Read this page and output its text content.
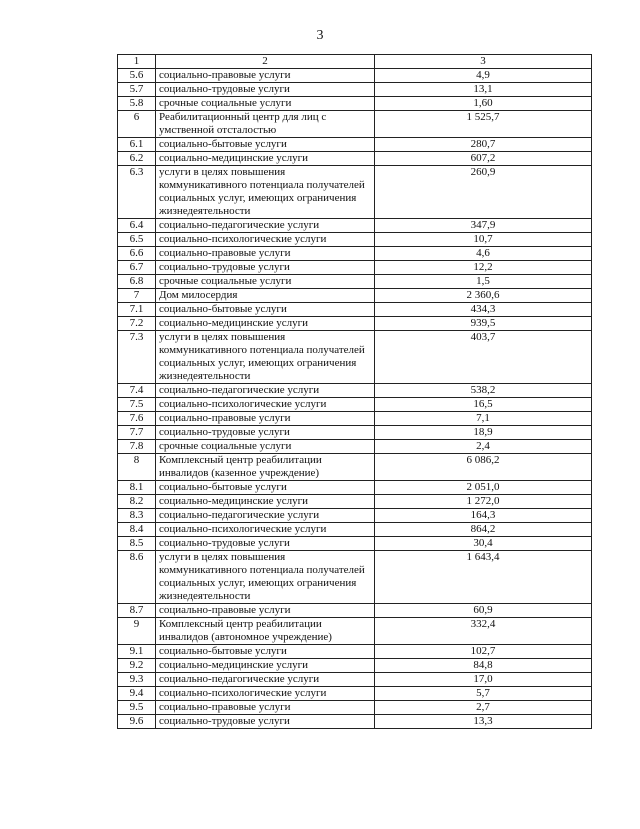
3
1	2	3
5.6	социально-правовые услуги	4,9
5.7	социально-трудовые услуги	13,1
5.8	срочные социальные услуги	1,60
6	Реабилитационный центр для лиц с умственной отсталостью	1 525,7
6.1	социально-бытовые услуги	280,7
6.2	социально-медицинские услуги	607,2
6.3	услуги в целях повышения коммуникативного потенциала получателей социальных услуг, имеющих ограничения жизнедеятельности	260,9
6.4	социально-педагогические услуги	347,9
6.5	социально-психологические услуги	10,7
6.6	социально-правовые услуги	4,6
6.7	социально-трудовые услуги	12,2
6.8	срочные социальные услуги	1,5
7	Дом милосердия	2 360,6
7.1	социально-бытовые услуги	434,3
7.2	социально-медицинские услуги	939,5
7.3	услуги в целях повышения коммуникативного потенциала получателей социальных услуг, имеющих ограничения жизнедеятельности	403,7
7.4	социально-педагогические услуги	538,2
7.5	социально-психологические услуги	16,5
7.6	социально-правовые услуги	7,1
7.7	социально-трудовые услуги	18,9
7.8	срочные социальные услуги	2,4
8	Комплексный центр реабилитации инвалидов (казенное учреждение)	6 086,2
8.1	социально-бытовые услуги	2 051,0
8.2	социально-медицинские услуги	1 272,0
8.3	социально-педагогические услуги	164,3
8.4	социально-психологические услуги	864,2
8.5	социально-трудовые услуги	30,4
8.6	услуги в целях повышения коммуникативного потенциала получателей социальных услуг, имеющих ограничения жизнедеятельности	1 643,4
8.7	социально-правовые услуги	60,9
9	Комплексный центр реабилитации инвалидов (автономное учреждение)	332,4
9.1	социально-бытовые услуги	102,7
9.2	социально-медицинские услуги	84,8
9.3	социально-педагогические услуги	17,0
9.4	социально-психологические услуги	5,7
9.5	социально-правовые услуги	2,7
9.6	социально-трудовые услуги	13,3
